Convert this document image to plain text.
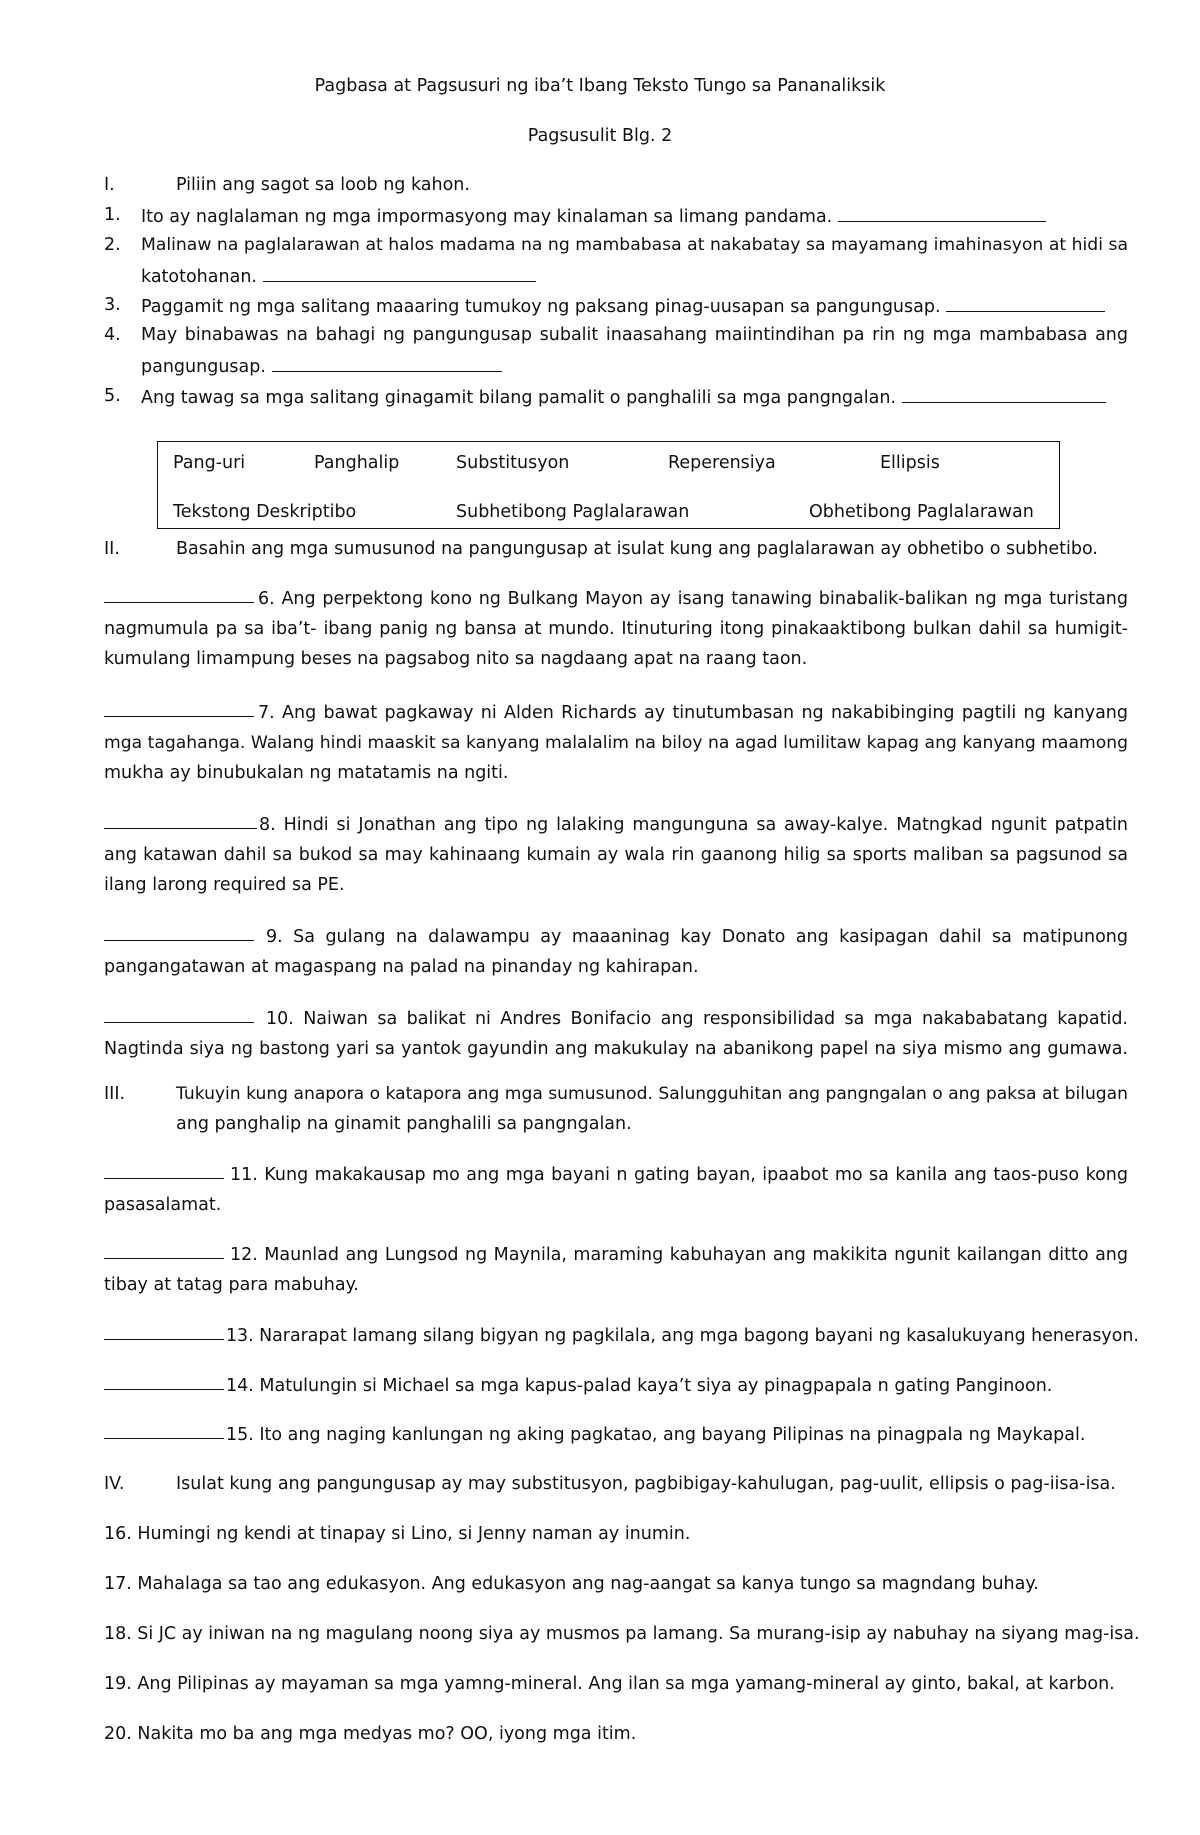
Pagbasa at Pagsusuri ng iba’t Ibang Teksto Tungo sa Pananaliksik
Pagsusulit Blg. 2
I.	Piliin ang sagot sa loob ng kahon.
1. Ito ay naglalaman ng mga impormasyong may kinalaman sa limang pandama.
2. Malinaw na paglalarawan at halos madama na ng mambabasa at nakabatay sa mayamang imahinasyon at hidi sa
katotohanan.
3. Paggamit ng mga salitang maaaring tumukoy ng paksang pinag-uusapan sa pangungusap.
4. May binabawas na bahagi ng pangungusap subalit inaasahang maiintindihan pa rin ng mga mambabasa ang
pangungusap.
5. Ang tawag sa mga salitang ginagamit bilang pamalit o panghalili sa mga pangngalan.
Pang-uri	Panghalip	Substitusyon	Reperensiya	Ellipsis
Tekstong Deskriptibo	Subhetibong Paglalarawan	Obhetibong Paglalarawan
II.	Basahin ang mga sumusunod na pangungusap at isulat kung ang paglalarawan ay obhetibo o subhetibo.
6. Ang perpektong kono ng Bulkang Mayon ay isang tanawing binabalik-balikan ng mga turistang
nagmumula pa sa iba’t- ibang panig ng bansa at mundo. Itinuturing itong pinakaaktibong bulkan dahil sa humigit-
kumulang limampung beses na pagsabog nito sa nagdaang apat na raang taon.
7. Ang bawat pagkaway ni Alden Richards ay tinutumbasan ng nakabibinging pagtili ng kanyang
mga tagahanga. Walang hindi maaskit sa kanyang malalalim na biloy na agad lumilitaw kapag ang kanyang maamong
mukha ay binubukalan ng matatamis na ngiti.
8. Hindi si Jonathan ang tipo ng lalaking mangunguna sa away-kalye. Matngkad ngunit patpatin
ang katawan dahil sa bukod sa may kahinaang kumain ay wala rin gaanong hilig sa sports maliban sa pagsunod sa
ilang larong required sa PE.
9. Sa gulang na dalawampu ay maaaninag kay Donato ang kasipagan dahil sa matipunong
pangangatawan at magaspang na palad na pinanday ng kahirapan.
10. Naiwan sa balikat ni Andres Bonifacio ang responsibilidad sa mga nakababatang kapatid.
Nagtinda siya ng bastong yari sa yantok gayundin ang makukulay na abanikong papel na siya mismo ang gumawa.
III.	Tukuyin kung anapora o katapora ang mga sumusunod. Salungguhitan ang pangngalan o ang paksa at bilugan
ang panghalip na ginamit panghalili sa pangngalan.
11. Kung makakausap mo ang mga bayani n gating bayan, ipaabot mo sa kanila ang taos-puso kong
pasasalamat.
12. Maunlad ang Lungsod ng Maynila, maraming kabuhayan ang makikita ngunit kailangan ditto ang
tibay at tatag para mabuhay.
13. Nararapat lamang silang bigyan ng pagkilala, ang mga bagong bayani ng kasalukuyang henerasyon.
14. Matulungin si Michael sa mga kapus-palad kaya’t siya ay pinagpapala n gating Panginoon.
15. Ito ang naging kanlungan ng aking pagkatao, ang bayang Pilipinas na pinagpala ng Maykapal.
IV.	Isulat kung ang pangungusap ay may substitusyon, pagbibigay-kahulugan, pag-uulit, ellipsis o pag-iisa-isa.
16. Humingi ng kendi at tinapay si Lino, si Jenny naman ay inumin.
17. Mahalaga sa tao ang edukasyon. Ang edukasyon ang nag-aangat sa kanya tungo sa magndang buhay.
18. Si JC ay iniwan na ng magulang noong siya ay musmos pa lamang. Sa murang-isip ay nabuhay na siyang mag-isa.
19. Ang Pilipinas ay mayaman sa mga yamng-mineral. Ang ilan sa mga yamang-mineral ay ginto, bakal, at karbon.
20. Nakita mo ba ang mga medyas mo? OO, iyong mga itim.
